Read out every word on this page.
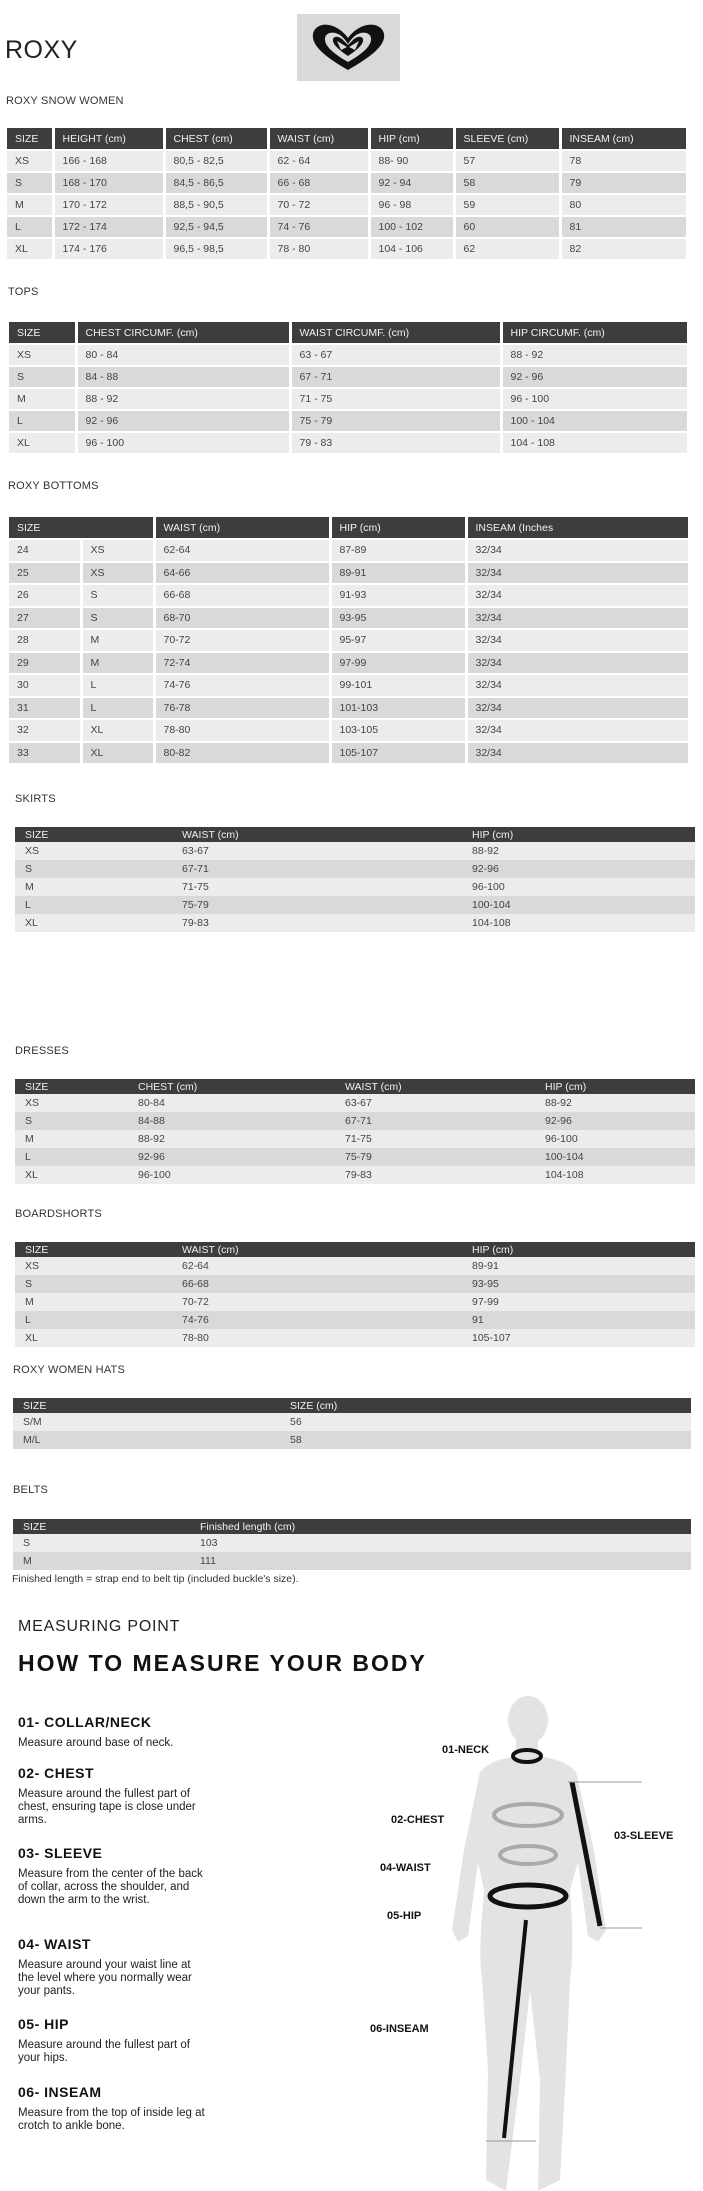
ROXY
ROXY SNOW WOMEN
SIZE	HEIGHT (cm)	CHEST (cm)	WAIST (cm)	HIP (cm)	SLEEVE (cm)	INSEAM (cm)
XS	166 - 168	80,5 - 82,5	62 - 64	88- 90	57	78
S	168 - 170	84,5 - 86,5	66 - 68	92 - 94	58	79
M	170 - 172	88,5 - 90,5	70 - 72	96 - 98	59	80
L	172 - 174	92,5 - 94,5	74 - 76	100 - 102	60	81
XL	174 - 176	96,5 - 98,5	78 - 80	104 - 106	62	82
TOPS
SIZE	CHEST CIRCUMF. (cm)	WAIST CIRCUMF. (cm)	HIP CIRCUMF. (cm)
XS	80 - 84	63 - 67	88 - 92
S	84 - 88	67 - 71	92 - 96
M	88 - 92	71 - 75	96 - 100
L	92 - 96	75 - 79	100 - 104
XL	96 - 100	79 - 83	104 - 108
ROXY BOTTOMS
SIZE		WAIST (cm)	HIP (cm)	INSEAM (Inches
24	XS	62-64	87-89	32/34
25	XS	64-66	89-91	32/34
26	S	66-68	91-93	32/34
27	S	68-70	93-95	32/34
28	M	70-72	95-97	32/34
29	M	72-74	97-99	32/34
30	L	74-76	99-101	32/34
31	L	76-78	101-103	32/34
32	XL	78-80	103-105	32/34
33	XL	80-82	105-107	32/34
SKIRTS
SIZE	WAIST (cm)	HIP (cm)
XS	63-67	88-92
S	67-71	92-96
M	71-75	96-100
L	75-79	100-104
XL	79-83	104-108
DRESSES
SIZE	CHEST (cm)	WAIST (cm)	HIP (cm)
XS	80-84	63-67	88-92
S	84-88	67-71	92-96
M	88-92	71-75	96-100
L	92-96	75-79	100-104
XL	96-100	79-83	104-108
BOARDSHORTS
SIZE	WAIST (cm)	HIP (cm)
XS	62-64	89-91
S	66-68	93-95
M	70-72	97-99
L	74-76	91
XL	78-80	105-107
ROXY WOMEN HATS
SIZE	SIZE (cm)
S/M	56
M/L	58
BELTS
SIZE	Finished length (cm)
S	103
M	111
Finished length = strap end to belt tip (included buckle's size).
MEASURING POINT
HOW TO MEASURE YOUR BODY
01- COLLAR/NECK
Measure around base of neck.
02- CHEST
Measure around the fullest part of chest, ensuring tape is close under arms.
03- SLEEVE
Measure from the center of the back of collar, across the shoulder, and down the arm to the wrist.
04- WAIST
Measure around your waist line at the level where you normally wear your pants.
05- HIP
Measure around the fullest part of your hips.
06- INSEAM
Measure from the top of inside leg at crotch to ankle bone.
01-NECK
02-CHEST
03-SLEEVE
04-WAIST
05-HIP
06-INSEAM
